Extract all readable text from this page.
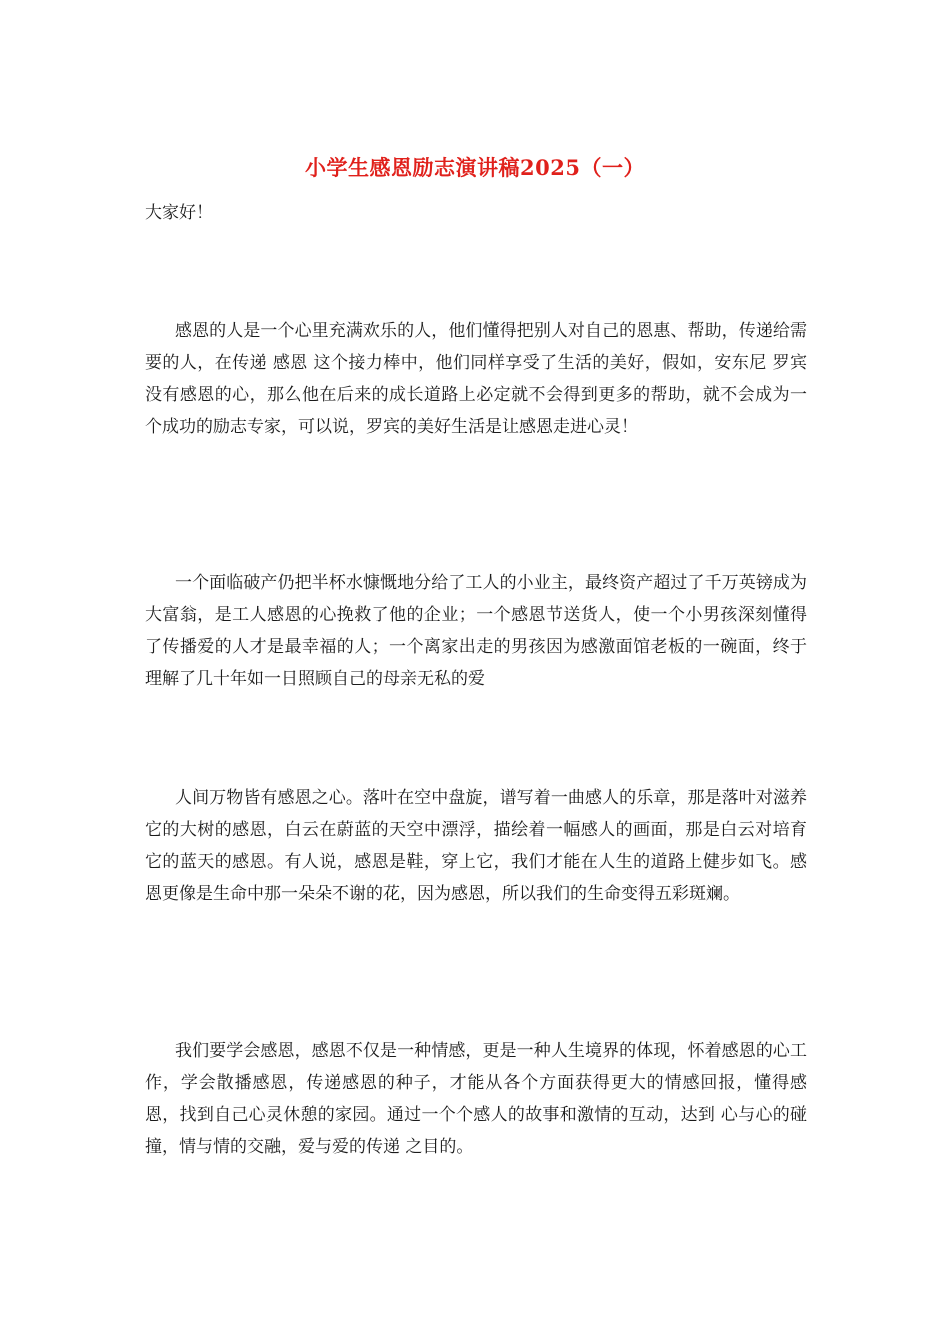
小学生感恩励志演讲稿2025（一）
大家好！

感恩的人是一个心里充满欢乐的人，他们懂得把别人对自己的恩惠、帮助，传递给需要的人，在传递 感恩 这个接力棒中，他们同样享受了生活的美好，假如，安东尼 罗宾没有感恩的心，那么他在后来的成长道路上必定就不会得到更多的帮助，就不会成为一个成功的励志专家，可以说，罗宾的美好生活是让感恩走进心灵！

一个面临破产仍把半杯水慷慨地分给了工人的小业主，最终资产超过了千万英镑成为大富翁，是工人感恩的心挽救了他的企业；一个感恩节送货人，使一个小男孩深刻懂得了传播爱的人才是最幸福的人；一个离家出走的男孩因为感激面馆老板的一碗面，终于理解了几十年如一日照顾自己的母亲无私的爱

人间万物皆有感恩之心。落叶在空中盘旋，谱写着一曲感人的乐章，那是落叶对滋养它的大树的感恩，白云在蔚蓝的天空中漂浮，描绘着一幅感人的画面，那是白云对培育它的蓝天的感恩。有人说，感恩是鞋，穿上它，我们才能在人生的道路上健步如飞。感恩更像是生命中那一朵朵不谢的花，因为感恩，所以我们的生命变得五彩斑斓。

我们要学会感恩，感恩不仅是一种情感，更是一种人生境界的体现，怀着感恩的心工作，学会散播感恩，传递感恩的种子，才能从各个方面获得更大的情感回报，懂得感恩，找到自己心灵休憩的家园。通过一个个感人的故事和激情的互动，达到 心与心的碰撞，情与情的交融，爱与爱的传递 之目的。
